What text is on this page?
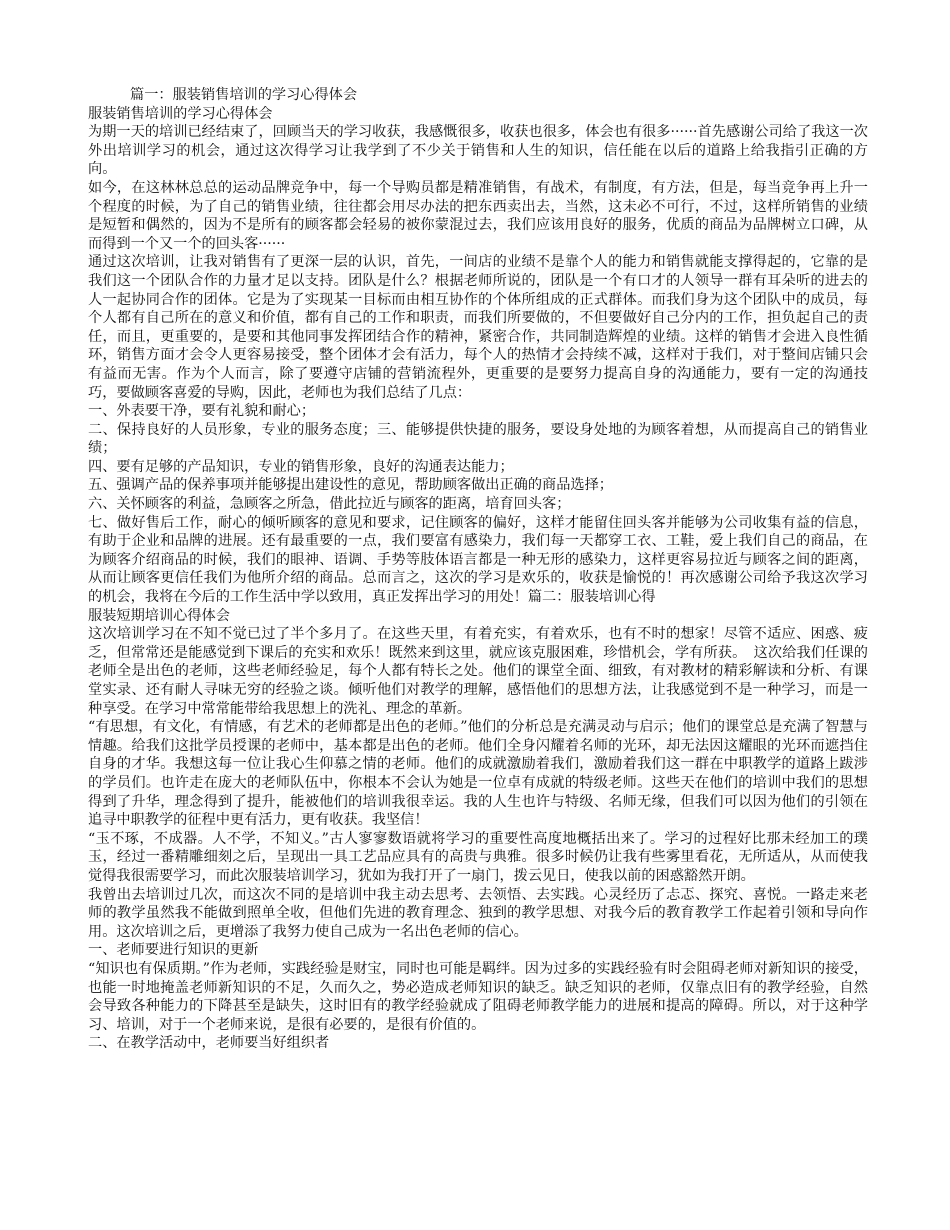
篇一：服装销售培训的学习心得体会

服装销售培训的学习心得体会

为期一天的培训已经结束了，回顾当天的学习收获，我感慨很多，收获也很多，体会也有很多······首先感谢公司给了我这一次外出培训学习的机会，通过这次得学习让我学到了不少关于销售和人生的知识，信任能在以后的道路上给我指引正确的方向。

如今，在这林林总总的运动品牌竞争中，每一个导购员都是精准销售，有战术，有制度，有方法，但是，每当竞争再上升一个程度的时候，为了自己的销售业绩，往往都会用尽办法的把东西卖出去，当然，这未必不可行，不过，这样所销售的业绩是短暂和偶然的，因为不是所有的顾客都会轻易的被你蒙混过去，我们应该用良好的服务，优质的商品为品牌树立口碑，从而得到一个又一个的回头客······

通过这次培训，让我对销售有了更深一层的认识，首先，一间店的业绩不是靠个人的能力和销售就能支撑得起的，它靠的是我们这一个团队合作的力量才足以支持。团队是什么？根据老师所说的，团队是一个有口才的人领导一群有耳朵听的进去的人一起协同合作的团体。它是为了实现某一目标而由相互协作的个体所组成的正式群体。而我们身为这个团队中的成员，每个人都有自己所在的意义和价值，都有自己的工作和职责，而我们所要做的，不但要做好自己分内的工作，担负起自己的责任，而且，更重要的，是要和其他同事发挥团结合作的精神，紧密合作，共同制造辉煌的业绩。这样的销售才会进入良性循环，销售方面才会令人更容易接受，整个团体才会有活力，每个人的热情才会持续不减，这样对于我们，对于整间店铺只会有益而无害。作为个人而言，除了要遵守店铺的营销流程外，更重要的是要努力提高自身的沟通能力，要有一定的沟通技巧，要做顾客喜爱的导购，因此，老师也为我们总结了几点：

一、外表要干净，要有礼貌和耐心；

二、保持良好的人员形象，专业的服务态度；三、能够提供快捷的服务，要设身处地的为顾客着想，从而提高自己的销售业绩；

四、要有足够的产品知识，专业的销售形象，良好的沟通表达能力；

五、强调产品的保养事项并能够提出建设性的意见，帮助顾客做出正确的商品选择；

六、关怀顾客的利益，急顾客之所急，借此拉近与顾客的距离，培育回头客；

七、做好售后工作，耐心的倾听顾客的意见和要求，记住顾客的偏好，这样才能留住回头客并能够为公司收集有益的信息，有助于企业和品牌的进展。还有最重要的一点，我们要富有感染力，我们每一天都穿工衣、工鞋，爱上我们自己的商品，在为顾客介绍商品的时候，我们的眼神、语调、手势等肢体语言都是一种无形的感染力，这样更容易拉近与顾客之间的距离，从而让顾客更信任我们为他所介绍的商品。总而言之，这次的学习是欢乐的，收获是愉悦的！再次感谢公司给予我这次学习的机会，我将在今后的工作生活中学以致用，真正发挥出学习的用处！篇二：服装培训心得

服装短期培训心得体会

这次培训学习在不知不觉已过了半个多月了。在这些天里，有着充实，有着欢乐，也有不时的想家！尽管不适应、困惑、疲乏，但常常还是能感觉到下课后的充实和欢乐！既然来到这里，就应该克服困难，珍惜机会，学有所获。　这次给我们任课的老师全是出色的老师，这些老师经验足，每个人都有特长之处。他们的课堂全面、细致，有对教材的精彩解读和分析、有课堂实录、还有耐人寻味无穷的经验之谈。倾听他们对教学的理解，感悟他们的思想方法，让我感觉到不是一种学习，而是一种享受。在学习中常常能带给我思想上的洗礼、理念的革新。

“有思想，有文化，有情感，有艺术的老师都是出色的老师。”他们的分析总是充满灵动与启示；他们的课堂总是充满了智慧与情趣。给我们这批学员授课的老师中，基本都是出色的老师。他们全身闪耀着名师的光环，却无法因这耀眼的光环而遮挡住自身的才华。我想这每一位让我心生仰慕之情的老师。他们的成就激励着我们，激励着我们这一群在中职教学的道路上跋涉的学员们。也许走在庞大的老师队伍中，你根本不会认为她是一位卓有成就的特级老师。这些天在他们的培训中我们的思想得到了升华，理念得到了提升，能被他们的培训我很幸运。我的人生也许与特级、名师无缘，但我们可以因为他们的引领在追寻中职教学的征程中更有活力，更有收获。我坚信！

“玉不琢，不成器。人不学，不知义。”古人寥寥数语就将学习的重要性高度地概括出来了。学习的过程好比那未经加工的璞玉，经过一番精雕细刻之后，呈现出一具工艺品应具有的高贵与典雅。很多时候仍让我有些雾里看花，无所适从，从而使我觉得我很需要学习，而此次服装培训学习，犹如为我打开了一扇门，拨云见日，使我以前的困惑豁然开朗。

我曾出去培训过几次，而这次不同的是培训中我主动去思考、去领悟、去实践。心灵经历了忐忑、探究、喜悦。一路走来老师的教学虽然我不能做到照单全收，但他们先进的教育理念、独到的教学思想、对我今后的教育教学工作起着引领和导向作用。这次培训之后，更增添了我努力使自己成为一名出色老师的信心。

一、老师要进行知识的更新

“知识也有保质期。”作为老师，实践经验是财宝，同时也可能是羁绊。因为过多的实践经验有时会阻碍老师对新知识的接受，也能一时地掩盖老师新知识的不足，久而久之，势必造成老师知识的缺乏。缺乏知识的老师，仅靠点旧有的教学经验，自然会导致各种能力的下降甚至是缺失，这时旧有的教学经验就成了阻碍老师教学能力的进展和提高的障碍。所以，对于这种学习、培训，对于一个老师来说，是很有必要的，是很有价值的。

二、在教学活动中，老师要当好组织者
